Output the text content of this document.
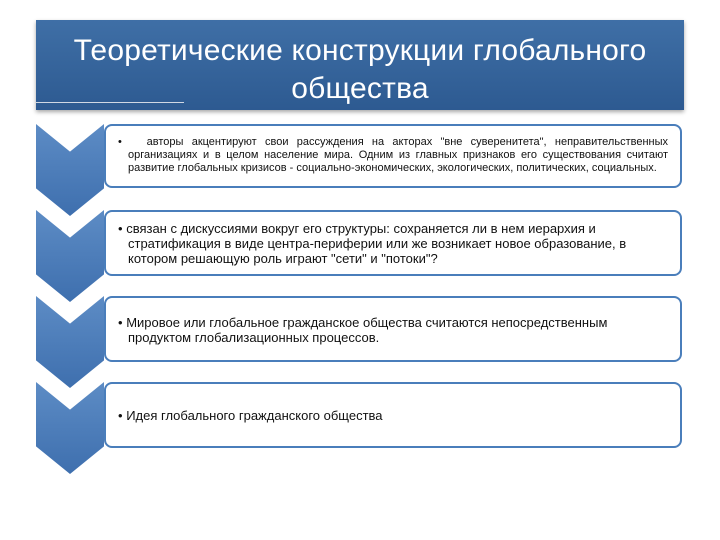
Теоретические конструкции глобального
общества
• авторы акцентируют свои рассуждения на акторах "вне суверенитета", неправительственных организациях и в целом население мира. Одним из главных признаков его существования считают развитие глобальных кризисов - социально-экономических, экологических, политических, социальных.
• связан с дискуссиями вокруг его структуры: сохраняется ли в нем иерархия и стратификация в виде центра-периферии или же возникает новое образование, в котором решающую роль играют "сети" и "потоки"?
• Мировое или глобальное гражданское общества считаются непосредственным продуктом глобализационных процессов.
• Идея глобального гражданского общества
